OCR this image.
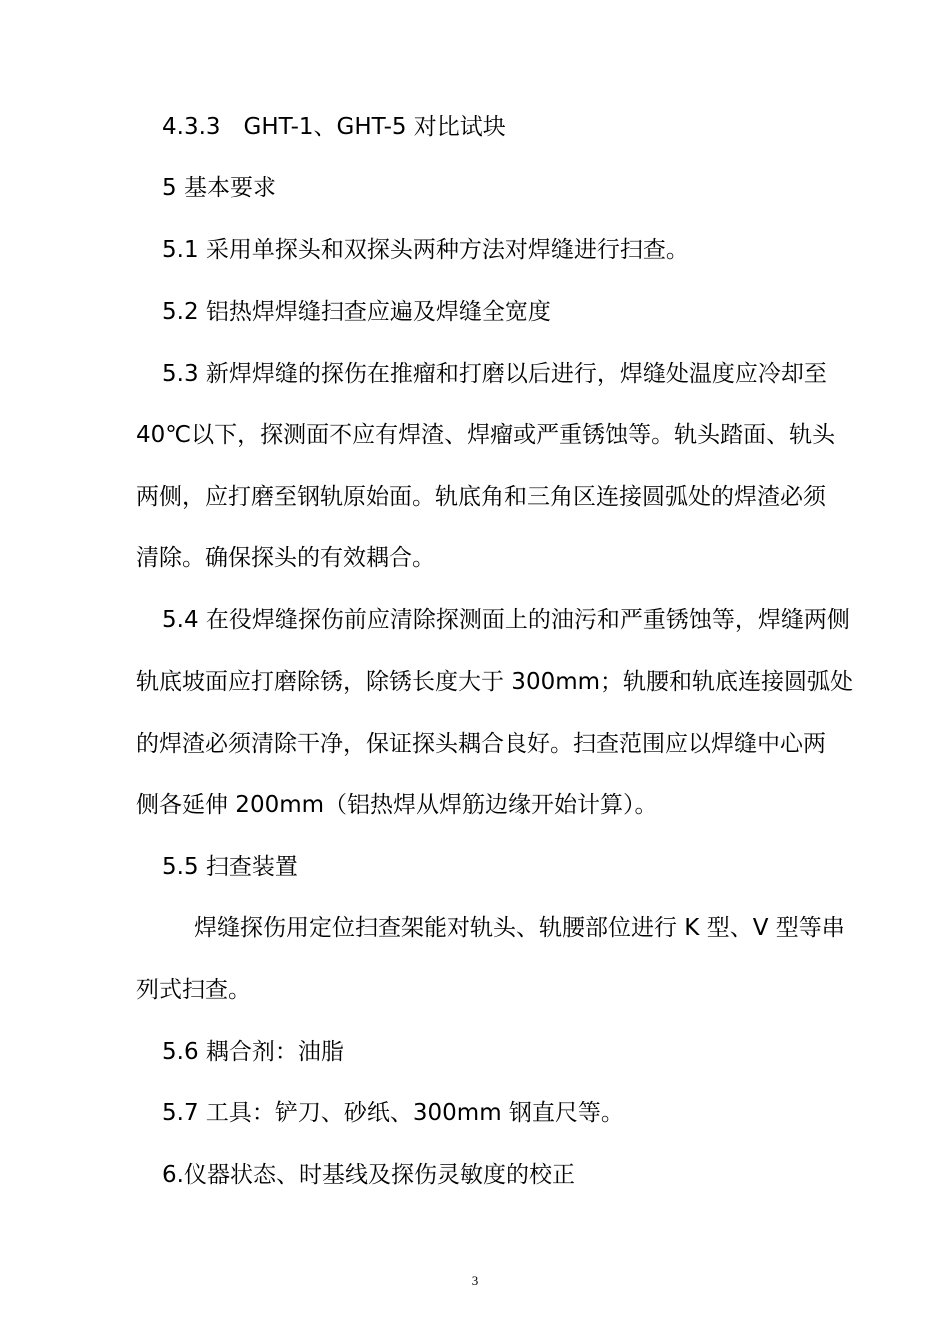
4.3.3　GHT-1、GHT-5 对比试块
5 基本要求
5.1 采用单探头和双探头两种方法对焊缝进行扫查。
5.2 铝热焊焊缝扫查应遍及焊缝全宽度
5.3 新焊焊缝的探伤在推瘤和打磨以后进行，焊缝处温度应冷却至
40℃以下，探测面不应有焊渣、焊瘤或严重锈蚀等。轨头踏面、轨头
两侧，应打磨至钢轨原始面。轨底角和三角区连接圆弧处的焊渣必须
清除。确保探头的有效耦合。
5.4 在役焊缝探伤前应清除探测面上的油污和严重锈蚀等，焊缝两侧
轨底坡面应打磨除锈，除锈长度大于 300mm；轨腰和轨底连接圆弧处
的焊渣必须清除干净，保证探头耦合良好。扫查范围应以焊缝中心两
侧各延伸 200mm（铝热焊从焊筋边缘开始计算）。
5.5 扫查装置
焊缝探伤用定位扫查架能对轨头、轨腰部位进行 K 型、V 型等串
列式扫查。
5.6 耦合剂：油脂
5.7 工具：铲刀、砂纸、300mm 钢直尺等。
6.仪器状态、时基线及探伤灵敏度的校正
3
